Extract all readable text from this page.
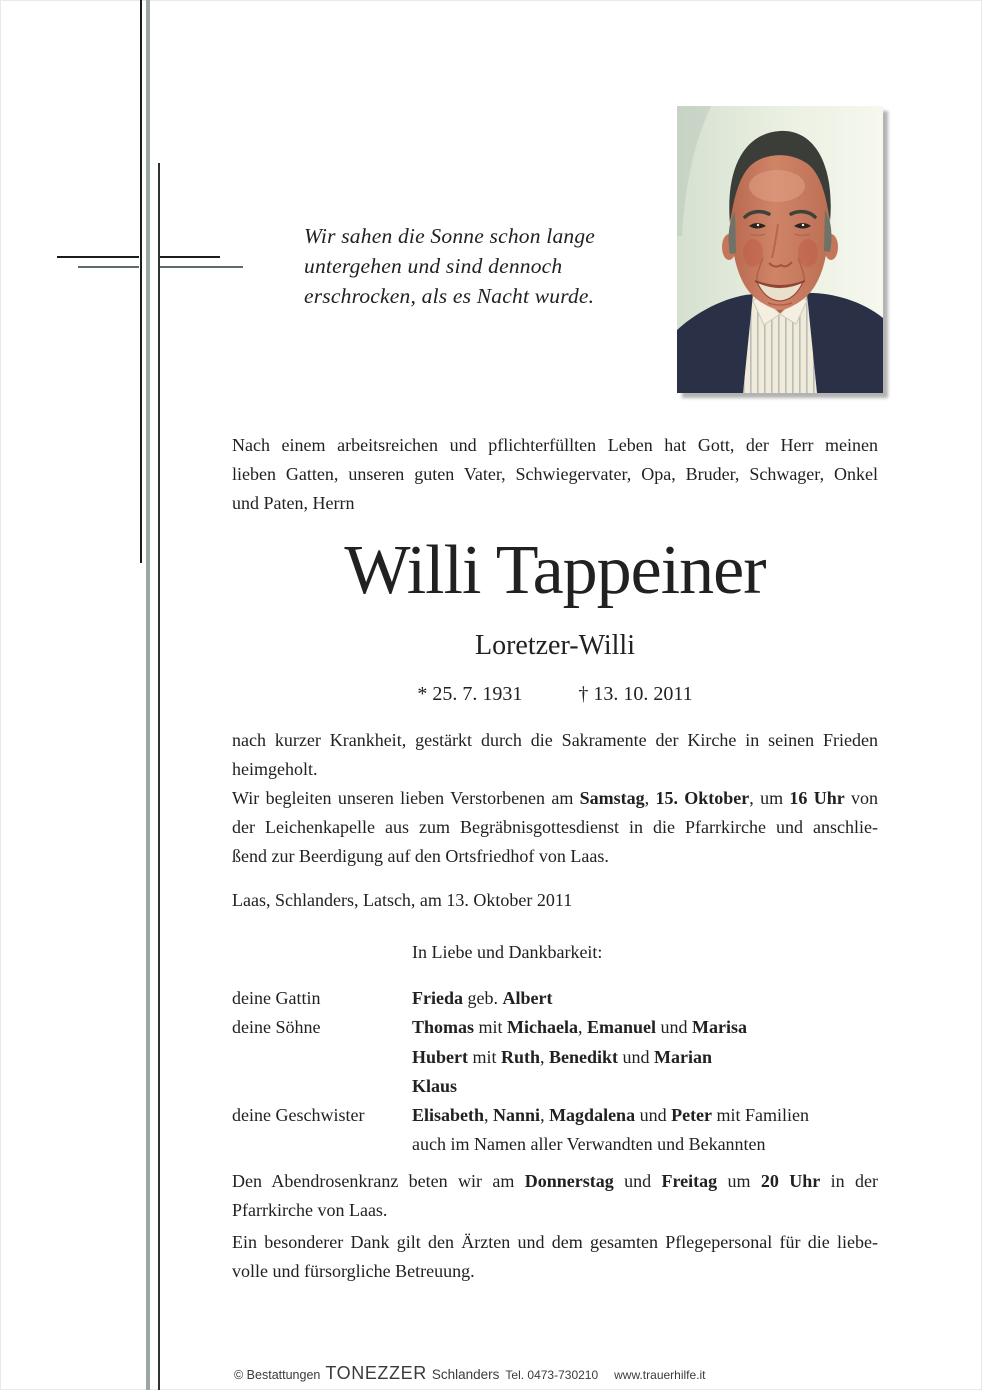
Wir sahen die Sonne schon lange
untergehen und sind dennoch
erschrocken, als es Nacht wurde.
Nach einem arbeitsreichen und pflichterfüllten Leben hat Gott, der Herr meinen
lieben Gatten, unseren guten Vater, Schwiegervater, Opa, Bruder, Schwager, Onkel
und Paten, Herrn
Willi Tappeiner
Loretzer-Willi
* 25. 7. 1931	† 13. 10. 2011
nach kurzer Krankheit, gestärkt durch die Sakramente der Kirche in seinen Frieden
heimgeholt.
Wir begleiten unseren lieben Verstorbenen am Samstag, 15. Oktober, um 16 Uhr von
der Leichenkapelle aus zum Begräbnisgottesdienst in die Pfarrkirche und anschlie-
ßend zur Beerdigung auf den Ortsfriedhof von Laas.
Laas, Schlanders, Latsch, am 13. Oktober 2011
In Liebe und Dankbarkeit:
deine Gattin	Frieda geb. Albert
deine Söhne	Thomas mit Michaela, Emanuel und Marisa
Hubert mit Ruth, Benedikt und Marian
Klaus
deine Geschwister	Elisabeth, Nanni, Magdalena und Peter mit Familien
auch im Namen aller Verwandten und Bekannten
Den Abendrosenkranz beten wir am Donnerstag und Freitag um 20 Uhr in der
Pfarrkirche von Laas.
Ein besonderer Dank gilt den Ärzten und dem gesamten Pflegepersonal für die liebe-
volle und fürsorgliche Betreuung.
© Bestattungen TONEZZER Schlanders Tel. 0473-730210 www.trauerhilfe.it
